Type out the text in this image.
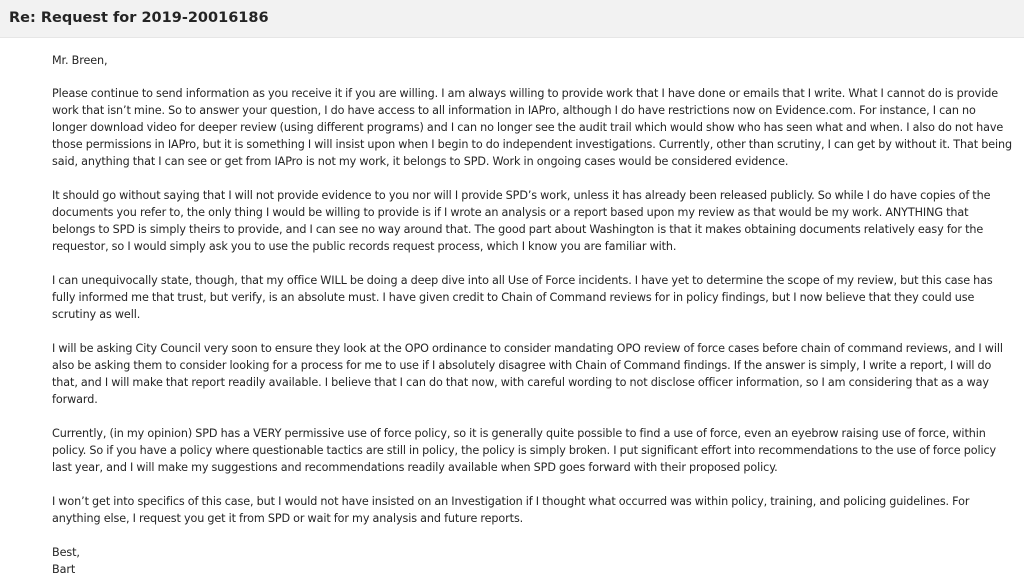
Re: Request for 2019-20016186
Mr. Breen,

Please continue to send information as you receive it if you are willing. I am always willing to provide work that I have done or emails that I write. What I cannot do is provide work that isn’t mine. So to answer your question, I do have access to all information in IAPro, although I do have restrictions now on Evidence.com. For instance, I can no longer download video for deeper review (using different programs) and I can no longer see the audit trail which would show who has seen what and when. I also do not have those permissions in IAPro, but it is something I will insist upon when I begin to do independent investigations. Currently, other than scrutiny, I can get by without it. That being said, anything that I can see or get from IAPro is not my work, it belongs to SPD. Work in ongoing cases would be considered evidence.

It should go without saying that I will not provide evidence to you nor will I provide SPD’s work, unless it has already been released publicly. So while I do have copies of the documents you refer to, the only thing I would be willing to provide is if I wrote an analysis or a report based upon my review as that would be my work. ANYTHING that belongs to SPD is simply theirs to provide, and I can see no way around that. The good part about Washington is that it makes obtaining documents relatively easy for the requestor, so I would simply ask you to use the public records request process, which I know you are familiar with.

I can unequivocally state, though, that my office WILL be doing a deep dive into all Use of Force incidents. I have yet to determine the scope of my review, but this case has fully informed me that trust, but verify, is an absolute must. I have given credit to Chain of Command reviews for in policy findings, but I now believe that they could use scrutiny as well.

I will be asking City Council very soon to ensure they look at the OPO ordinance to consider mandating OPO review of force cases before chain of command reviews, and I will also be asking them to consider looking for a process for me to use if I absolutely disagree with Chain of Command findings. If the answer is simply, I write a report, I will do that, and I will make that report readily available. I believe that I can do that now, with careful wording to not disclose officer information, so I am considering that as a way forward.

Currently, (in my opinion) SPD has a VERY permissive use of force policy, so it is generally quite possible to find a use of force, even an eyebrow raising use of force, within policy. So if you have a policy where questionable tactics are still in policy, the policy is simply broken. I put significant effort into recommendations to the use of force policy last year, and I will make my suggestions and recommendations readily available when SPD goes forward with their proposed policy.

I won’t get into specifics of this case, but I would not have insisted on an Investigation if I thought what occurred was within policy, training, and policing guidelines. For anything else, I request you get it from SPD or wait for my analysis and future reports.

Best,
Bart
